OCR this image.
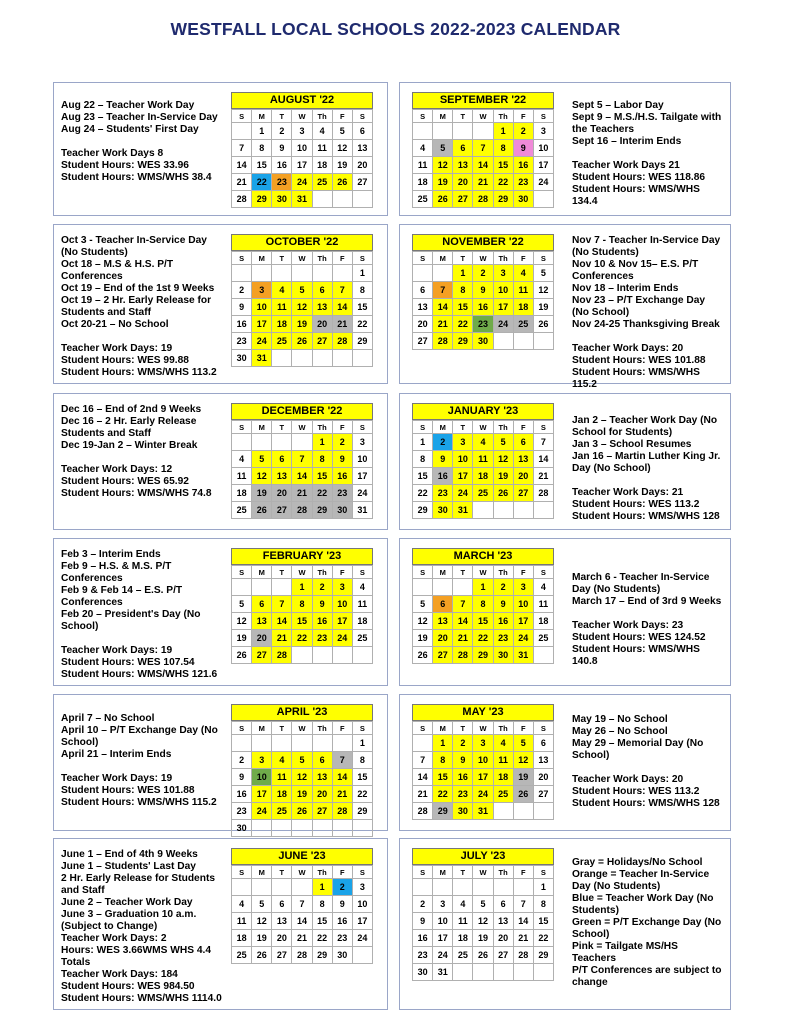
WESTFALL LOCAL SCHOOLS 2022-2023 CALENDAR
Aug 22 – Teacher Work Day
Aug 23 – Teacher In-Service Day
Aug 24 – Students' First Day

Teacher Work Days 8
Student Hours: WES 33.96
Student Hours: WMS/WHS 38.4
AUGUST '22
S	M	T	W	Th	F	S
	1	2	3	4	5	6
7	8	9	10	11	12	13
14	15	16	17	18	19	20
21	22	23	24	25	26	27
28	29	30	31			
Sept 5 – Labor Day
Sept 9 – M.S./H.S. Tailgate with the Teachers
Sept 16 – Interim Ends

Teacher Work Days 21
Student Hours: WES 118.86
Student Hours: WMS/WHS 134.4
SEPTEMBER '22
S	M	T	W	Th	F	S
				1	2	3
4	5	6	7	8	9	10
11	12	13	14	15	16	17
18	19	20	21	22	23	24
25	26	27	28	29	30	
Oct 3 - Teacher In-Service Day (No Students)
Oct 18 – M.S & H.S. P/T Conferences
Oct 19 – End of the 1st 9 Weeks
Oct 19 – 2 Hr. Early Release for Students and Staff
Oct 20-21 – No School

Teacher Work Days: 19
Student Hours: WES 99.88
Student Hours: WMS/WHS 113.2
OCTOBER '22
S	M	T	W	Th	F	S
						1
2	3	4	5	6	7	8
9	10	11	12	13	14	15
16	17	18	19	20	21	22
23	24	25	26	27	28	29
30	31					
Nov 7 - Teacher In-Service Day (No Students)
Nov 10 & Nov 15– E.S. P/T Conferences
Nov 18 – Interim Ends
Nov 23 – P/T Exchange Day (No School)
Nov 24-25 Thanksgiving Break

Teacher Work Days: 20
Student Hours: WES 101.88
Student Hours: WMS/WHS 115.2
NOVEMBER '22
S	M	T	W	Th	F	S
		1	2	3	4	5
6	7	8	9	10	11	12
13	14	15	16	17	18	19
20	21	22	23	24	25	26
27	28	29	30			
Dec 16 – End of 2nd 9 Weeks
Dec 16 – 2 Hr. Early Release Students and Staff
Dec 19-Jan 2 – Winter Break

Teacher Work Days: 12
Student Hours: WES 65.92
Student Hours: WMS/WHS 74.8
DECEMBER '22
S	M	T	W	Th	F	S
				1	2	3
4	5	6	7	8	9	10
11	12	13	14	15	16	17
18	19	20	21	22	23	24
25	26	27	28	29	30	31
Jan 2 – Teacher Work Day (No School for Students)
Jan 3 – School Resumes
Jan 16 – Martin Luther King Jr. Day (No School)

Teacher Work Days: 21
Student Hours: WES 113.2
Student Hours: WMS/WHS 128
JANUARY '23
S	M	T	W	Th	F	S
1	2	3	4	5	6	7
8	9	10	11	12	13	14
15	16	17	18	19	20	21
22	23	24	25	26	27	28
29	30	31				
Feb 3 – Interim Ends
Feb 9 – H.S. & M.S. P/T Conferences
Feb 9 & Feb 14 – E.S. P/T Conferences
Feb 20 – President's Day (No School)

Teacher Work Days: 19
Student Hours: WES 107.54
Student Hours: WMS/WHS 121.6
FEBRUARY '23
S	M	T	W	Th	F	S
			1	2	3	4
5	6	7	8	9	10	11
12	13	14	15	16	17	18
19	20	21	22	23	24	25
26	27	28				
March 6 - Teacher In-Service Day (No Students)
March 17 – End of 3rd 9 Weeks

Teacher Work Days: 23
Student Hours: WES 124.52
Student Hours: WMS/WHS 140.8
MARCH '23
S	M	T	W	Th	F	S
			1	2	3	4
5	6	7	8	9	10	11
12	13	14	15	16	17	18
19	20	21	22	23	24	25
26	27	28	29	30	31	
April 7 – No School
April 10 – P/T Exchange Day (No School)
April 21 – Interim Ends

Teacher Work Days: 19
Student Hours: WES 101.88
Student Hours: WMS/WHS 115.2
APRIL '23
S	M	T	W	Th	F	S
						1
2	3	4	5	6	7	8
9	10	11	12	13	14	15
16	17	18	19	20	21	22
23	24	25	26	27	28	29
30						
May 19 – No School
May 26 – No School
May 29 – Memorial Day (No School)

Teacher Work Days: 20
Student Hours: WES 113.2
Student Hours: WMS/WHS 128
MAY '23
S	M	T	W	Th	F	S
	1	2	3	4	5	6
7	8	9	10	11	12	13
14	15	16	17	18	19	20
21	22	23	24	25	26	27
28	29	30	31			
June 1 – End of 4th 9 Weeks
June 1 – Students' Last Day
2 Hr. Early Release for Students and Staff
June 2 – Teacher Work Day
June 3 – Graduation 10 a.m. (Subject to Change)
Teacher Work Days: 2
Hours: WES 3.66WMS WHS 4.4
Totals
Teacher Work Days: 184
Student Hours: WES 984.50
Student Hours: WMS/WHS 1114.0
JUNE '23
S	M	T	W	Th	F	S
				1	2	3
4	5	6	7	8	9	10
11	12	13	14	15	16	17
18	19	20	21	22	23	24
25	26	27	28	29	30	
Gray = Holidays/No School
Orange = Teacher In-Service Day (No Students)
Blue = Teacher Work Day (No Students)
Green = P/T Exchange Day (No School)
Pink = Tailgate MS/HS Teachers
P/T Conferences are subject to change
JULY '23
S	M	T	W	Th	F	S
						1
2	3	4	5	6	7	8
9	10	11	12	13	14	15
16	17	18	19	20	21	22
23	24	25	26	27	28	29
30	31					
